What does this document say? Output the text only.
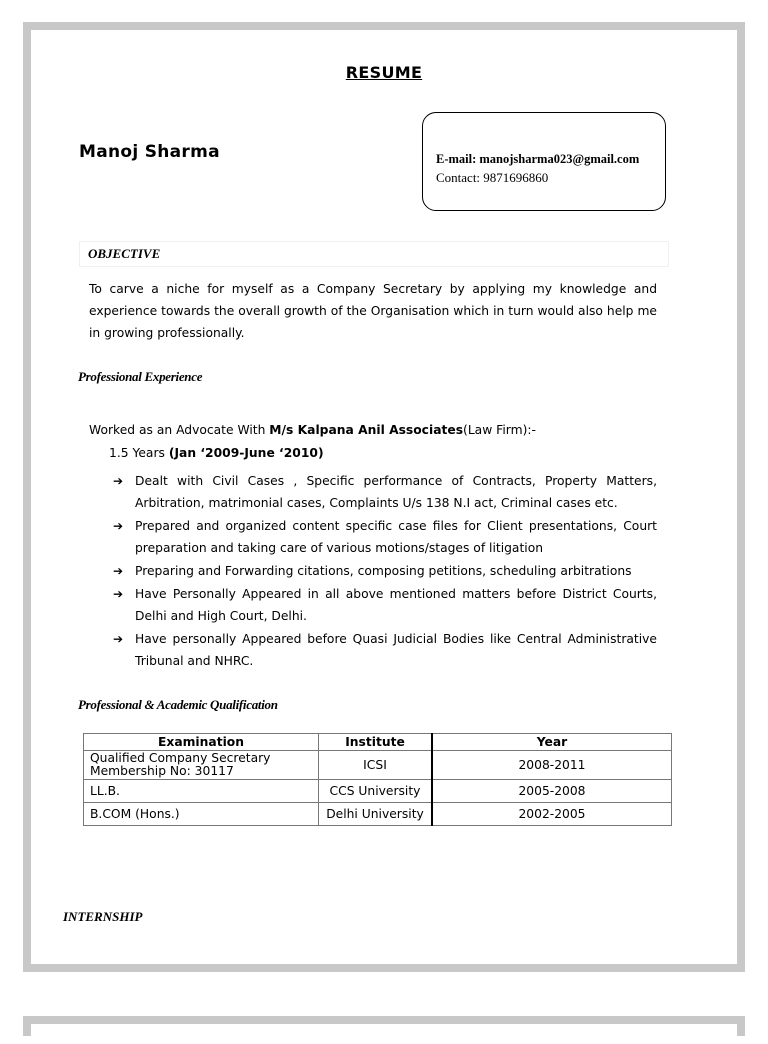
RESUME
Manoj Sharma	E-mail: manojsharma023@gmail.com
Contact: 9871696860
OBJECTIVE
To carve a niche for myself as a Company Secretary by applying my knowledge and experience towards the overall growth of the Organisation which in turn would also help me in growing professionally.
Professional Experience
Worked as an Advocate With M/s Kalpana Anil Associates(Law Firm):-
1.5 Years (Jan ‘2009-June ‘2010)
➔ Dealt with Civil Cases , Specific performance of Contracts, Property Matters, Arbitration, matrimonial cases, Complaints U/s 138 N.I act, Criminal cases etc.
➔ Prepared and organized content specific case files for Client presentations, Court preparation and taking care of various motions/stages of litigation
➔ Preparing and Forwarding citations, composing petitions, scheduling arbitrations
➔ Have Personally Appeared in all above mentioned matters before District Courts, Delhi and High Court, Delhi.
➔ Have personally Appeared before Quasi Judicial Bodies like Central Administrative Tribunal and NHRC.
Professional & Academic Qualification
Examination	Institute	Year
Qualified Company Secretary Membership No: 30117	ICSI	2008-2011
LL.B.	CCS University	2005-2008
B.COM (Hons.)	Delhi University	2002-2005
INTERNSHIP
